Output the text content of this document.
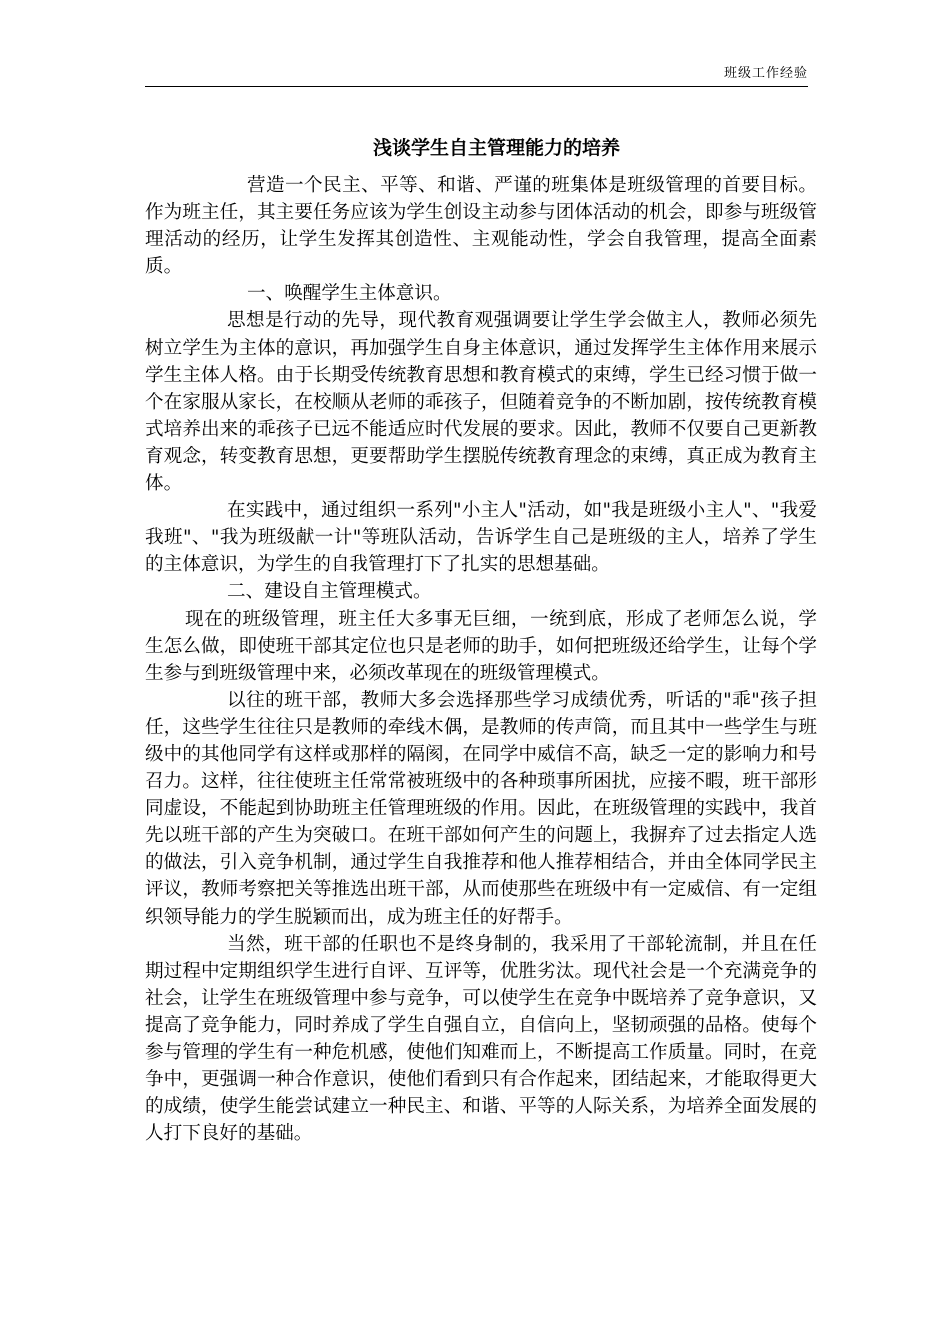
班级工作经验
浅谈学生自主管理能力的培养

营造一个民主、平等、和谐、严谨的班集体是班级管理的首要目标。作为班主任，其主要任务应该为学生创设主动参与团体活动的机会，即参与班级管理活动的经历，让学生发挥其创造性、主观能动性，学会自我管理，提高全面素质。

一、唤醒学生主体意识。

思想是行动的先导，现代教育观强调要让学生学会做主人，教师必须先树立学生为主体的意识，再加强学生自身主体意识，通过发挥学生主体作用来展示学生主体人格。由于长期受传统教育思想和教育模式的束缚，学生已经习惯于做一个在家服从家长，在校顺从老师的乖孩子，但随着竞争的不断加剧，按传统教育模式培养出来的乖孩子已远不能适应时代发展的要求。因此，教师不仅要自己更新教育观念，转变教育思想，更要帮助学生摆脱传统教育理念的束缚，真正成为教育主体。

在实践中，通过组织一系列"小主人"活动，如"我是班级小主人"、"我爱我班"、"我为班级献一计"等班队活动，告诉学生自己是班级的主人，培养了学生的主体意识，为学生的自我管理打下了扎实的思想基础。

二、建设自主管理模式。

现在的班级管理，班主任大多事无巨细，一统到底，形成了老师怎么说，学生怎么做，即使班干部其定位也只是老师的助手，如何把班级还给学生，让每个学生参与到班级管理中来，必须改革现在的班级管理模式。

以往的班干部，教师大多会选择那些学习成绩优秀，听话的"乖"孩子担任，这些学生往往只是教师的牵线木偶，是教师的传声筒，而且其中一些学生与班级中的其他同学有这样或那样的隔阂，在同学中威信不高，缺乏一定的影响力和号召力。这样，往往使班主任常常被班级中的各种琐事所困扰，应接不暇，班干部形同虚设，不能起到协助班主任管理班级的作用。因此，在班级管理的实践中，我首先以班干部的产生为突破口。在班干部如何产生的问题上，我摒弃了过去指定人选的做法，引入竞争机制，通过学生自我推荐和他人推荐相结合，并由全体同学民主评议，教师考察把关等推选出班干部，从而使那些在班级中有一定威信、有一定组织领导能力的学生脱颖而出，成为班主任的好帮手。

当然，班干部的任职也不是终身制的，我采用了干部轮流制，并且在任期过程中定期组织学生进行自评、互评等，优胜劣汰。现代社会是一个充满竞争的社会，让学生在班级管理中参与竞争，可以使学生在竞争中既培养了竞争意识，又提高了竞争能力，同时养成了学生自强自立，自信向上，坚韧顽强的品格。使每个参与管理的学生有一种危机感，使他们知难而上，不断提高工作质量。同时，在竞争中，更强调一种合作意识，使他们看到只有合作起来，团结起来，才能取得更大的成绩，使学生能尝试建立一种民主、和谐、平等的人际关系，为培养全面发展的人打下良好的基础。
